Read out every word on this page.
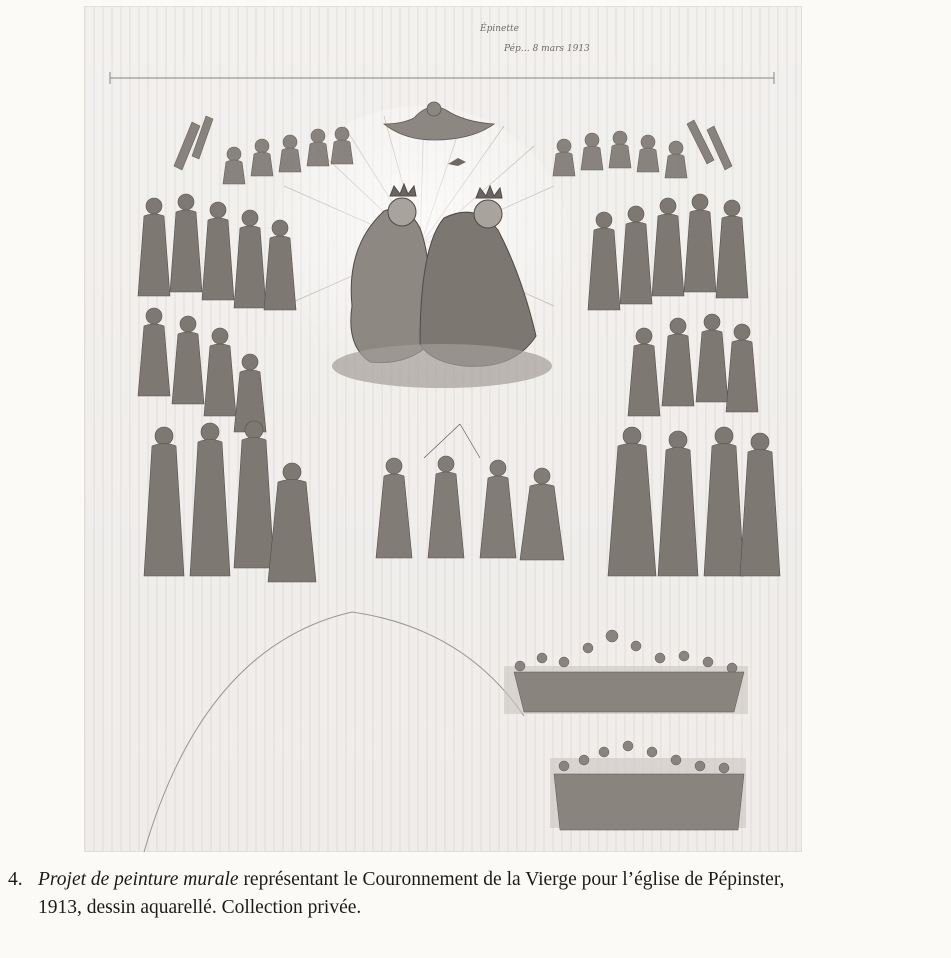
Épinette
Pép… 8 mars 1913
4. Projet de peinture murale représentant le Couronnement de la Vierge pour l’église de Pépinster,
1913, dessin aquarellé. Collection privée.
